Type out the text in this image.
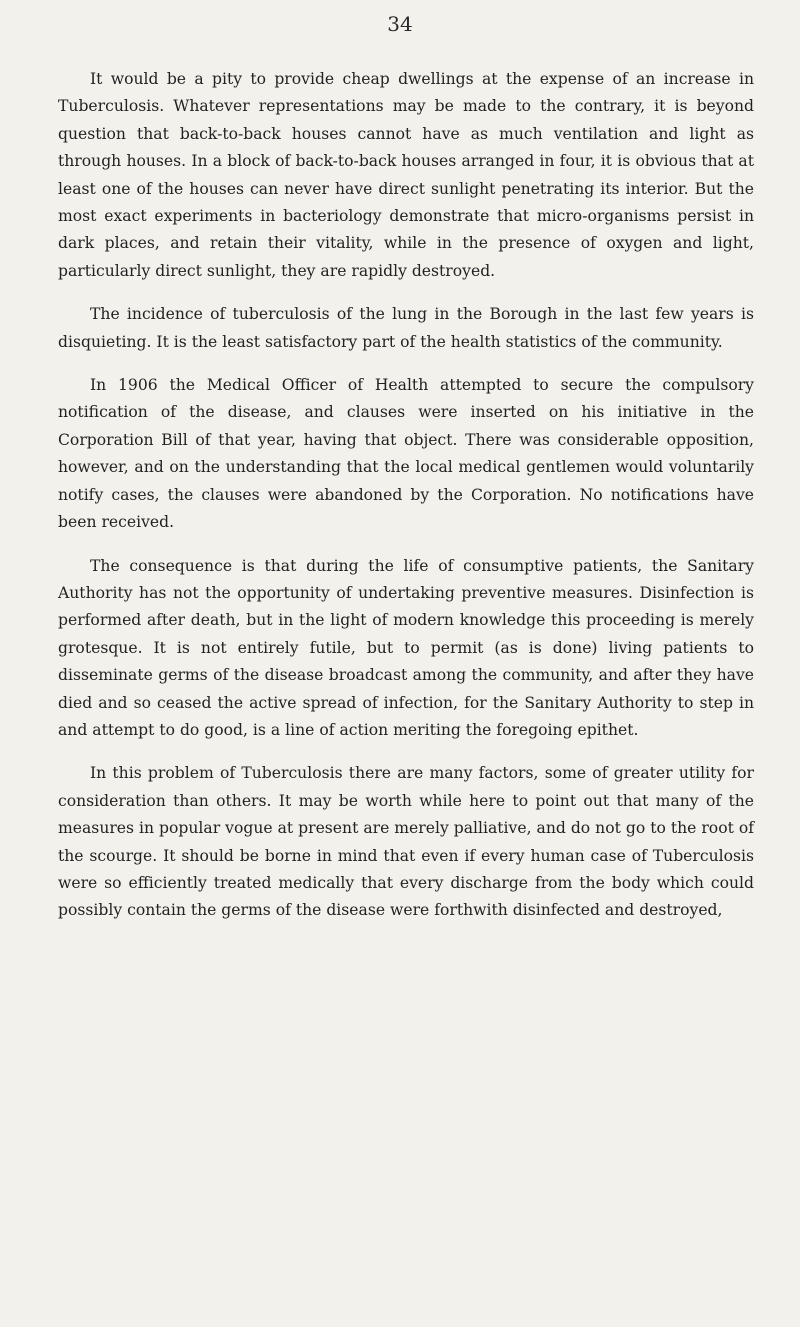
34

It would be a pity to provide cheap dwellings at the expense of an increase in Tuberculosis. Whatever representations may be made to the contrary, it is beyond question that back-to-back houses cannot have as much ventilation and light as through houses. In a block of back-to-back houses arranged in four, it is obvious that at least one of the houses can never have direct sunlight penetrating its interior. But the most exact experiments in bacteriology demonstrate that micro-organisms persist in dark places, and retain their vitality, while in the presence of oxygen and light, particularly direct sunlight, they are rapidly destroyed.

The incidence of tuberculosis of the lung in the Borough in the last few years is disquieting. It is the least satisfactory part of the health statistics of the community.

In 1906 the Medical Officer of Health attempted to secure the compulsory notification of the disease, and clauses were inserted on his initiative in the Corporation Bill of that year, having that object. There was considerable opposition, however, and on the understanding that the local medical gentlemen would voluntarily notify cases, the clauses were abandoned by the Corporation. No notifications have been received.

The consequence is that during the life of consumptive patients, the Sanitary Authority has not the opportunity of undertaking preventive measures. Disinfection is performed after death, but in the light of modern knowledge this proceeding is merely grotesque. It is not entirely futile, but to permit (as is done) living patients to disseminate germs of the disease broadcast among the community, and after they have died and so ceased the active spread of infection, for the Sanitary Authority to step in and attempt to do good, is a line of action meriting the foregoing epithet.

In this problem of Tuberculosis there are many factors, some of greater utility for consideration than others. It may be worth while here to point out that many of the measures in popular vogue at present are merely palliative, and do not go to the root of the scourge. It should be borne in mind that even if every human case of Tuberculosis were so efficiently treated medically that every discharge from the body which could possibly contain the germs of the disease were forthwith disinfected and destroyed,
